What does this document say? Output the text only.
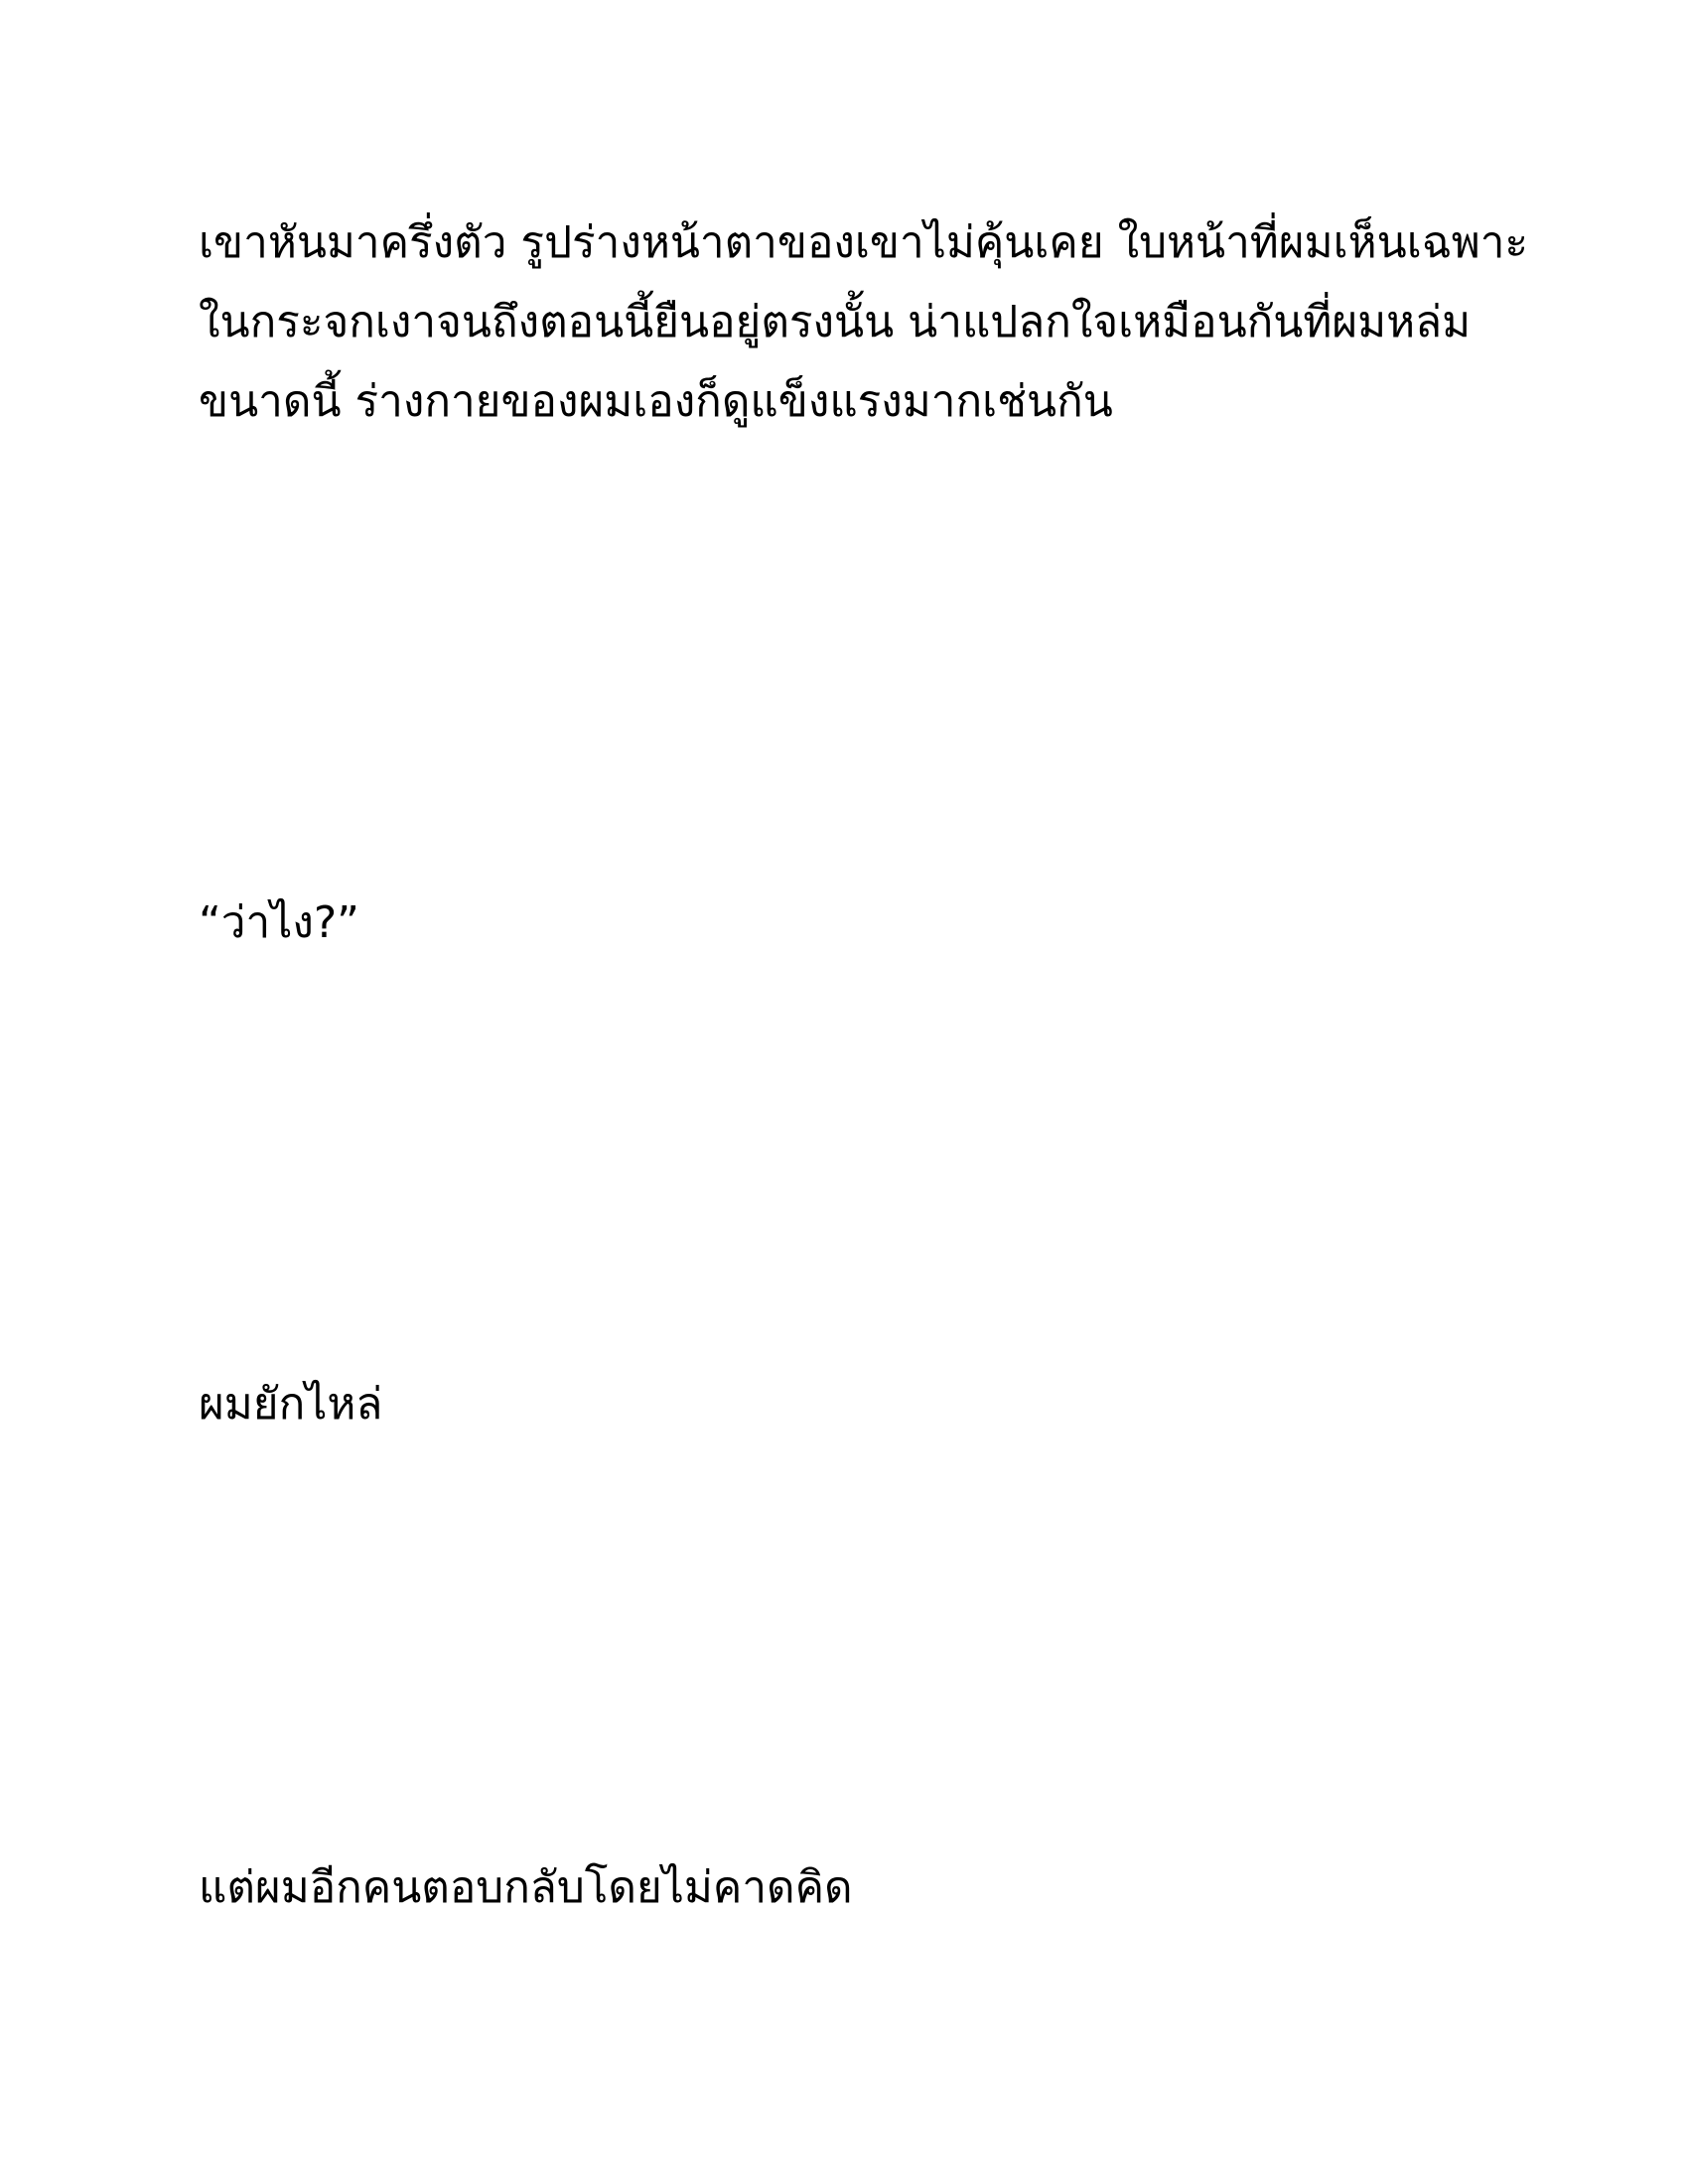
เขาหันมาครึ่งตัว รูปร่างหน้าตาของเขาไม่คุ้นเคย ใบหน้าที่ผมเห็นเฉพาะ
ในกระจกเงาจนถึงตอนนี้ยืนอยู่ตรงนั้น น่าแปลกใจเหมือนกันที่ผมหล่ม
ขนาดนี้ ร่างกายของผมเองก็ดูแข็งแรงมากเช่นกัน

“ว่าไง?”

ผมยักไหล่

แต่ผมอีกคนตอบกลับโดยไม่คาดคิด
